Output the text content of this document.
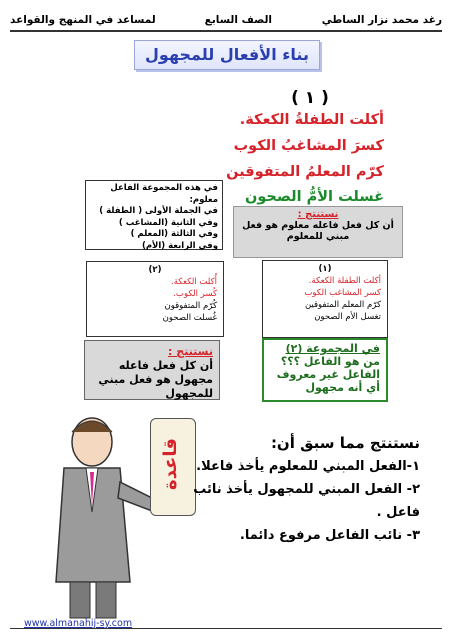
رغد محمد نزار الساطي
الصف السابع
لمساعد في المنهج والقواعد
بناء الأفعال للمجهول
( ١ )
أكلت الطفلةُ الكعكة.
كسرَ المشاغبُ الكوب
كرّم المعلمُ المتفوقين
غسلت الأمُّ الصحون
في هذه المجموعة الفاعل معلوم:
في الجملة الأولى ( الطفلة )
وفي الثانية (المشاغب )
وفي الثالثة (المعلم )
وفي الرابعة (الأم)
نستنتج :
أن كل فعل فاعله معلوم هو فعل مبني للمعلوم
(٢)
أُكلت الكعكة.
كُسر الكوب.
كُرّم المتفوقون
غُسلت الصحون
(١)
أكلت الطفلة الكعكة.
كسر المشاغب الكوب
كرّم المعلم المتفوقين
تغسل الأم الصحون
نستنتج :
أن كل فعل فاعله مجهول هو فعل مبني للمجهول
في المجموعة (٢)
من هو الفاعل ؟؟؟ الفاعل غير معروف أي أنه مجهول
قاعدة	نستنتج مما سبق أن:
١-الفعل المبني للمعلوم يأخذ فاعلا.
٢- الفعل المبني للمجهول يأخذ نائب فاعل .
٣- نائب الفاعل مرفوع دائما.
www.almanahij-sy.com
